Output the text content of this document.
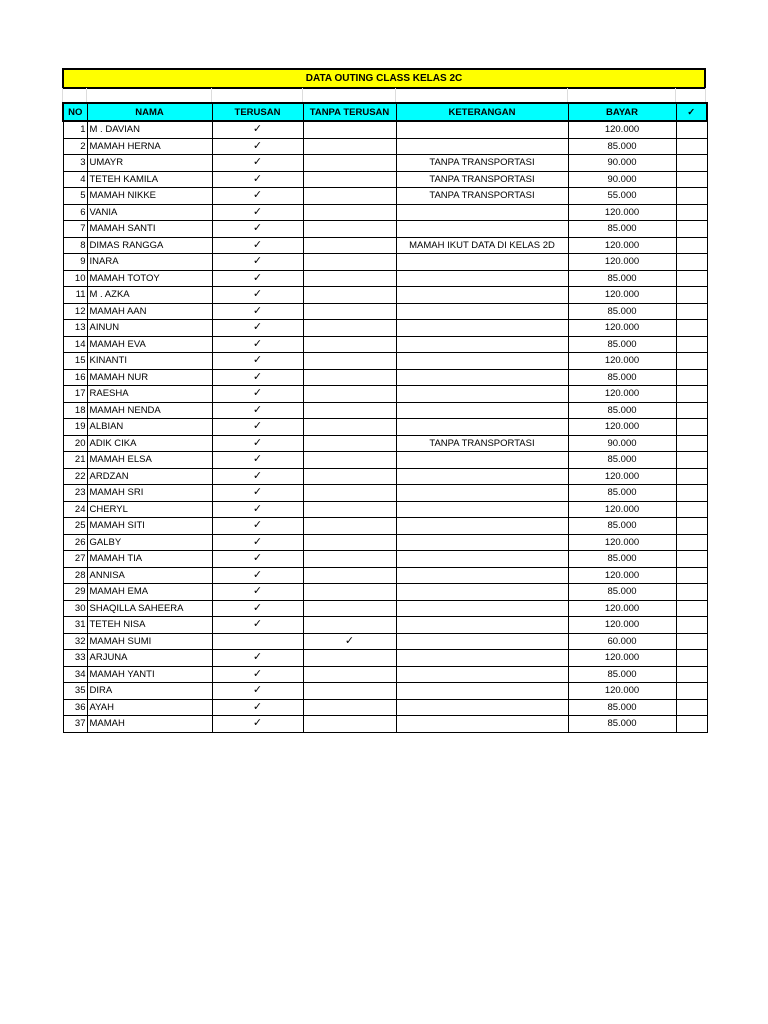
DATA OUTING CLASS KELAS 2C
NO	NAMA	TERUSAN	TANPA TERUSAN	KETERANGAN	BAYAR	✓
1	M . DAVIAN	✓			120.000	
2	MAMAH HERNA	✓			85.000	
3	UMAYR	✓		TANPA TRANSPORTASI	90.000	
4	TETEH KAMILA	✓		TANPA TRANSPORTASI	90.000	
5	MAMAH NIKKE	✓		TANPA TRANSPORTASI	55.000	
6	VANIA	✓			120.000	
7	MAMAH SANTI	✓			85.000	
8	DIMAS RANGGA	✓		MAMAH IKUT DATA DI KELAS 2D	120.000	
9	INARA	✓			120.000	
10	MAMAH TOTOY	✓			85.000	
11	M . AZKA	✓			120.000	
12	MAMAH AAN	✓			85.000	
13	AINUN	✓			120.000	
14	MAMAH EVA	✓			85.000	
15	KINANTI	✓			120.000	
16	MAMAH NUR	✓			85.000	
17	RAESHA	✓			120.000	
18	MAMAH NENDA	✓			85.000	
19	ALBIAN	✓			120.000	
20	ADIK CIKA	✓		TANPA TRANSPORTASI	90.000	
21	MAMAH ELSA	✓			85.000	
22	ARDZAN	✓			120.000	
23	MAMAH SRI	✓			85.000	
24	CHERYL	✓			120.000	
25	MAMAH SITI	✓			85.000	
26	GALBY	✓			120.000	
27	MAMAH TIA	✓			85.000	
28	ANNISA	✓			120.000	
29	MAMAH EMA	✓			85.000	
30	SHAQILLA SAHEERA	✓			120.000	
31	TETEH NISA	✓			120.000	
32	MAMAH SUMI		✓		60.000	
33	ARJUNA	✓			120.000	
34	MAMAH YANTI	✓			85.000	
35	DIRA	✓			120.000	
36	AYAH	✓			85.000	
37	MAMAH	✓			85.000	
